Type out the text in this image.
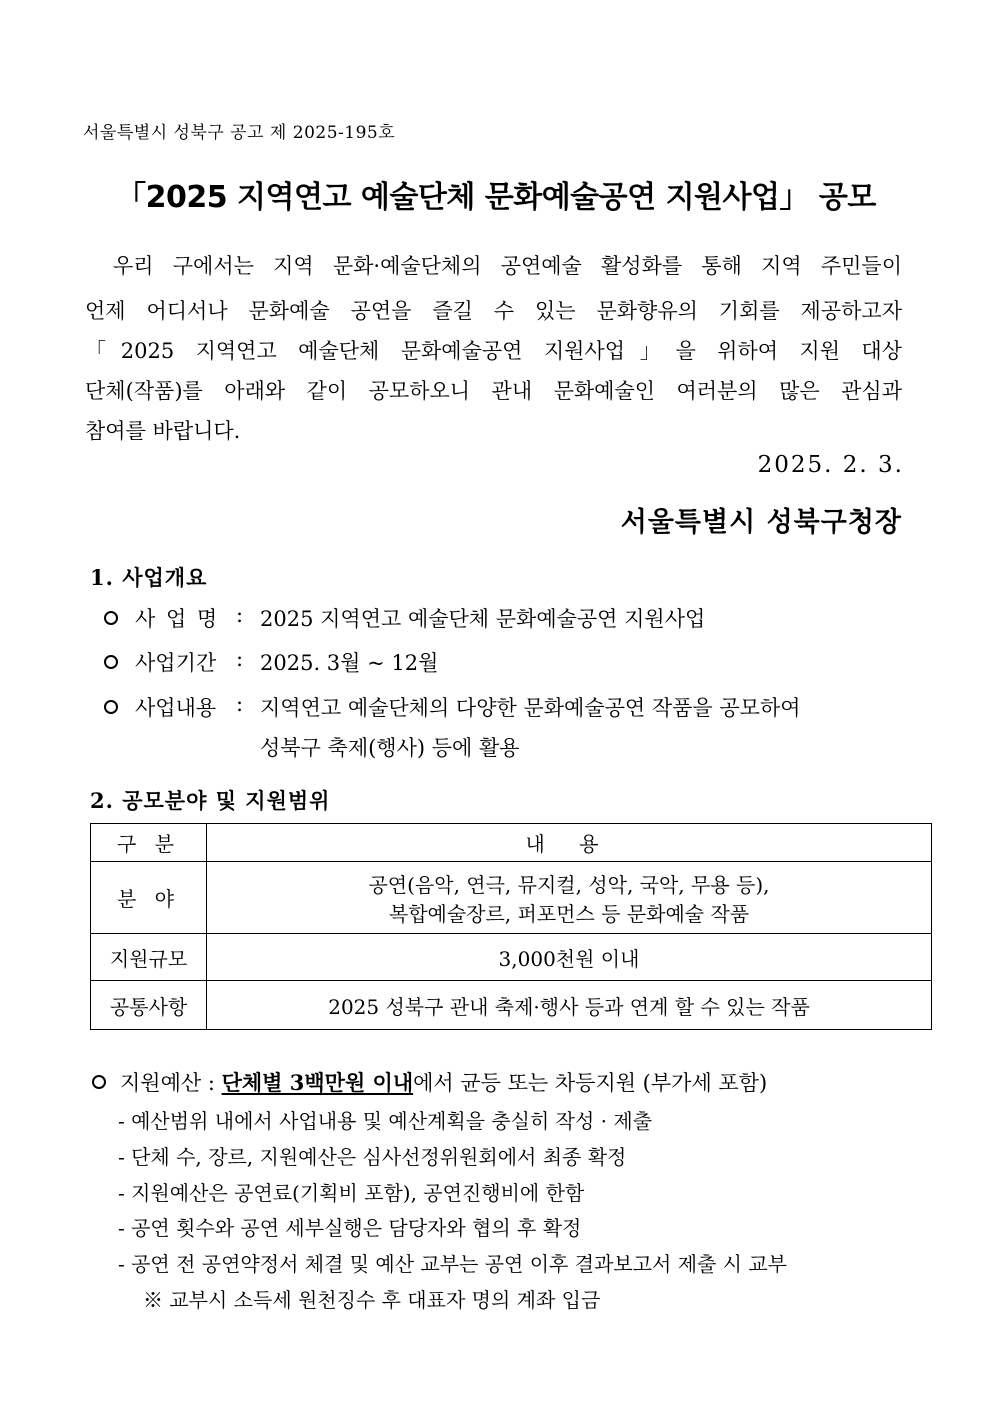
서울특별시 성북구 공고 제 2025-195호
「2025 지역연고 예술단체 문화예술공연 지원사업」 공모
우리 구에서는 지역 문화·예술단체의 공연예술 활성화를 통해 지역 주민들이
언제 어디서나 문화예술 공연을 즐길 수 있는 문화향유의 기회를 제공하고자
「2025 지역연고 예술단체 문화예술공연 지원사업」을 위하여 지원 대상
단체(작품)를 아래와 같이 공모하오니 관내 문화예술인 여러분의 많은 관심과
참여를 바랍니다.
2025. 2. 3.
서울특별시 성북구청장
1. 사업개요
사 업 명 : 2025 지역연고 예술단체 문화예술공연 지원사업
사업기간 : 2025. 3월 ~ 12월
사업내용 : 지역연고 예술단체의 다양한 문화예술공연 작품을 공모하여
성북구 축제(행사) 등에 활용
2. 공모분야 및 지원범위
구 분	내 용
분 야	공연(음악, 연극, 뮤지컬, 성악, 국악, 무용 등),
복합예술장르, 퍼포먼스 등 문화예술 작품

지원규모	3,000천원 이내
공통사항	2025 성북구 관내 축제·행사 등과 연계 할 수 있는 작품
지원예산 : 단체별 3백만원 이내에서 균등 또는 차등지원 (부가세 포함)
- 예산범위 내에서 사업내용 및 예산계획을 충실히 작성 · 제출
- 단체 수, 장르, 지원예산은 심사선정위원회에서 최종 확정
- 지원예산은 공연료(기획비 포함), 공연진행비에 한함
- 공연 횟수와 공연 세부실행은 담당자와 협의 후 확정
- 공연 전 공연약정서 체결 및 예산 교부는 공연 이후 결과보고서 제출 시 교부
※ 교부시 소득세 원천징수 후 대표자 명의 계좌 입금
